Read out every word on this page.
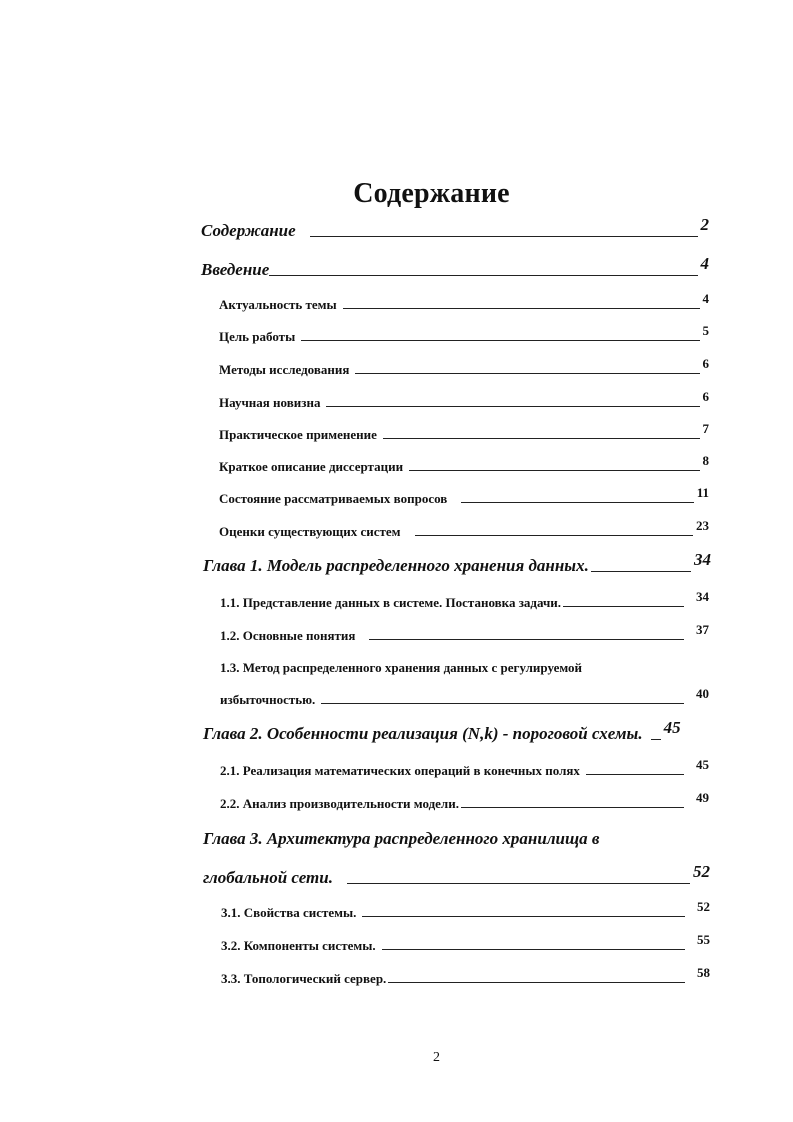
Содержание
Содержание	2
Введение	4
Актуальность темы	4
Цель работы	5
Методы исследования	6
Научная новизна	6
Практическое применение	7
Краткое описание диссертации	8
Состояние рассматриваемых вопросов	11
Оценки существующих систем	23
Глава 1. Модель распределенного хранения данных.	34
1.1. Представление данных в системе. Постановка задачи.	34
1.2. Основные понятия	37
1.3. Метод распределенного хранения данных с регулируемой
избыточностью.	40
Глава 2. Особенности реализация (N,k) - пороговой схемы. 45
2.1. Реализация математических операций в конечных полях	45
2.2. Анализ производительности модели.	49
Глава 3. Архитектура распределенного хранилища в
глобальной сети.	52
3.1. Свойства системы.	52
3.2. Компоненты системы.	55
3.3. Топологический сервер.	58
2
